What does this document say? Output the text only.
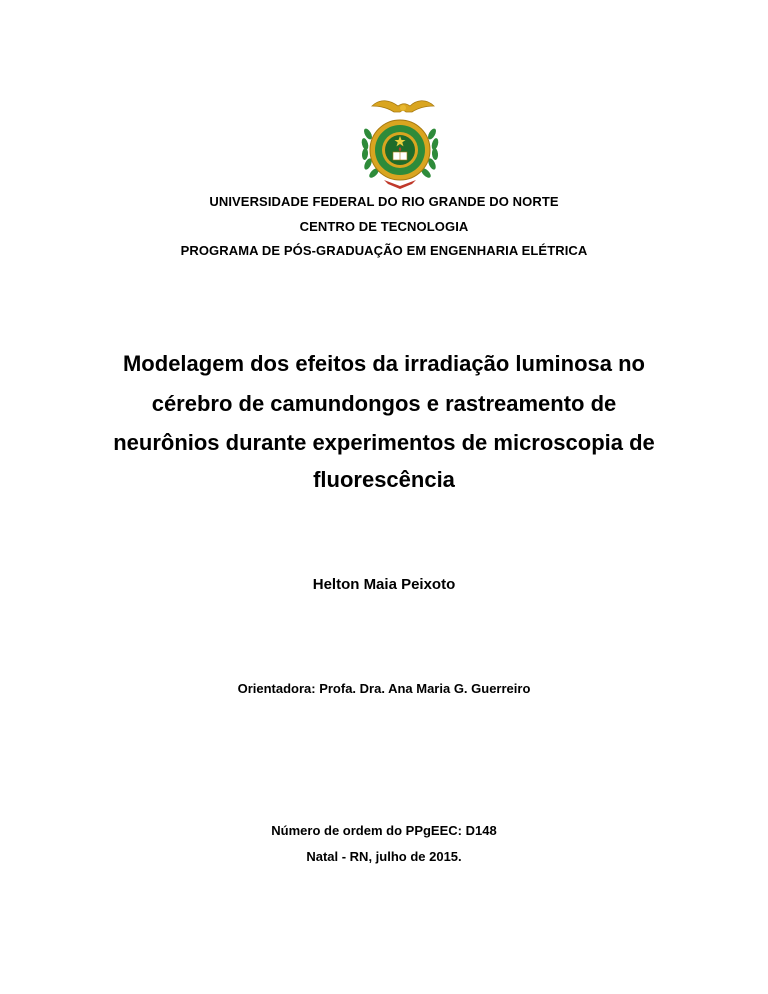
UNIVERSIDADE FEDERAL DO RIO GRANDE DO NORTE
CENTRO DE TECNOLOGIA
PROGRAMA DE PÓS-GRADUAÇÃO EM ENGENHARIA ELÉTRICA
Modelagem dos efeitos da irradiação luminosa no
cérebro de camundongos e rastreamento de
neurônios durante experimentos de microscopia de
fluorescência
Helton Maia Peixoto
Orientadora: Profa. Dra. Ana Maria G. Guerreiro
Número de ordem do PPgEEC: D148
Natal - RN, julho de 2015.
